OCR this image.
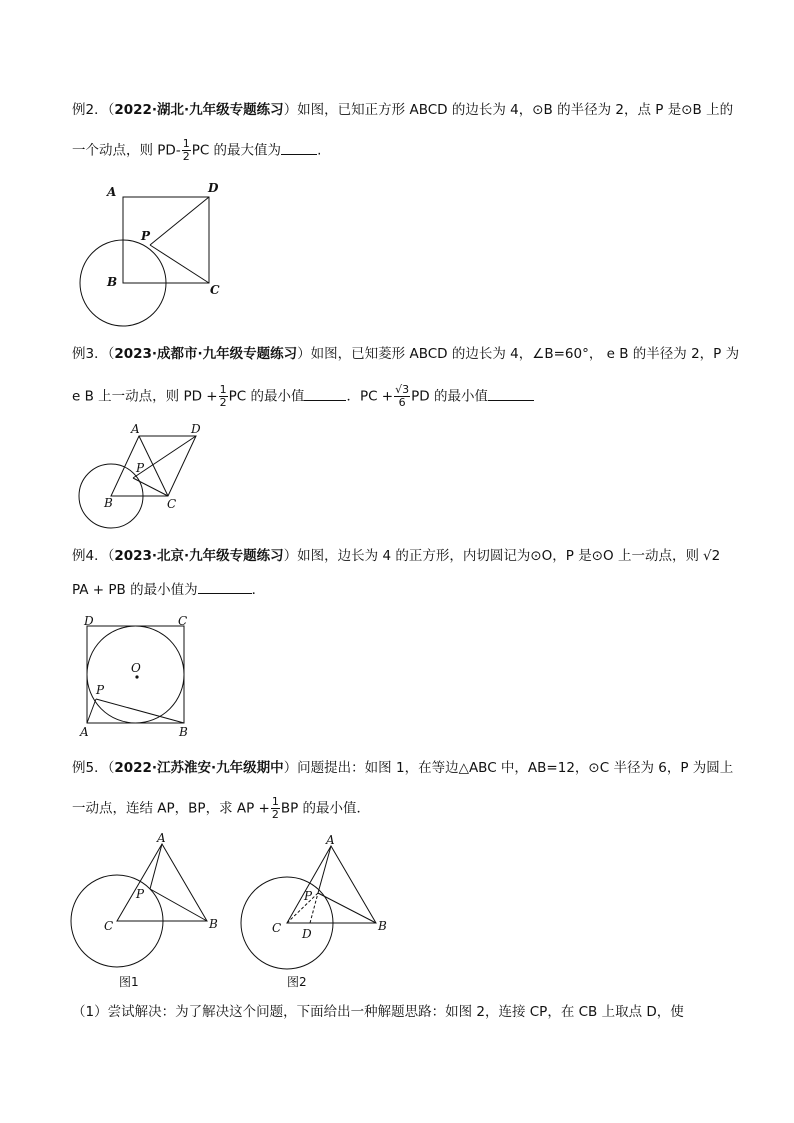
例2．（2022·湖北·九年级专题练习）如图，已知正方形 ABCD 的边长为 4，⊙B 的半径为 2，点 P 是⊙B 上的
一个动点，则 $PD- \frac{1}{2}$ PC 的最大值为	.
A	D
P
B
C
例3．（2023·成都市·九年级专题练习）如图，已知菱形 ABCD 的边长为 4，∠B=60°， e B 的半径为 2，P 为
e B 上一动点，则 PD + $\frac{1}{2}$ PC 的最小值	．PC + $\frac{√3}{6}$ PD 的最小值
A	D
P
B	C
例4．（2023·北京·九年级专题练习）如图，边长为 4 的正方形，内切圆记为⊙O，P 是⊙O 上一动点，则 √2
PA + PB 的最小值为	．
D	C
O
P
A	B
例5．（2022·江苏淮安·九年级期中）问题提出：如图 1，在等边△ABC 中，AB=12，⊙C 半径为 6，P 为圆上
一动点，连结 AP，BP，求 AP + $\frac{1}{2}$ BP 的最小值．
A
P
C	B
图1
A
P
C D
B
图2
（1）尝试解决：为了解决这个问题，下面给出一种解题思路：如图 2，连接 CP，在 CB 上取点 D，使
